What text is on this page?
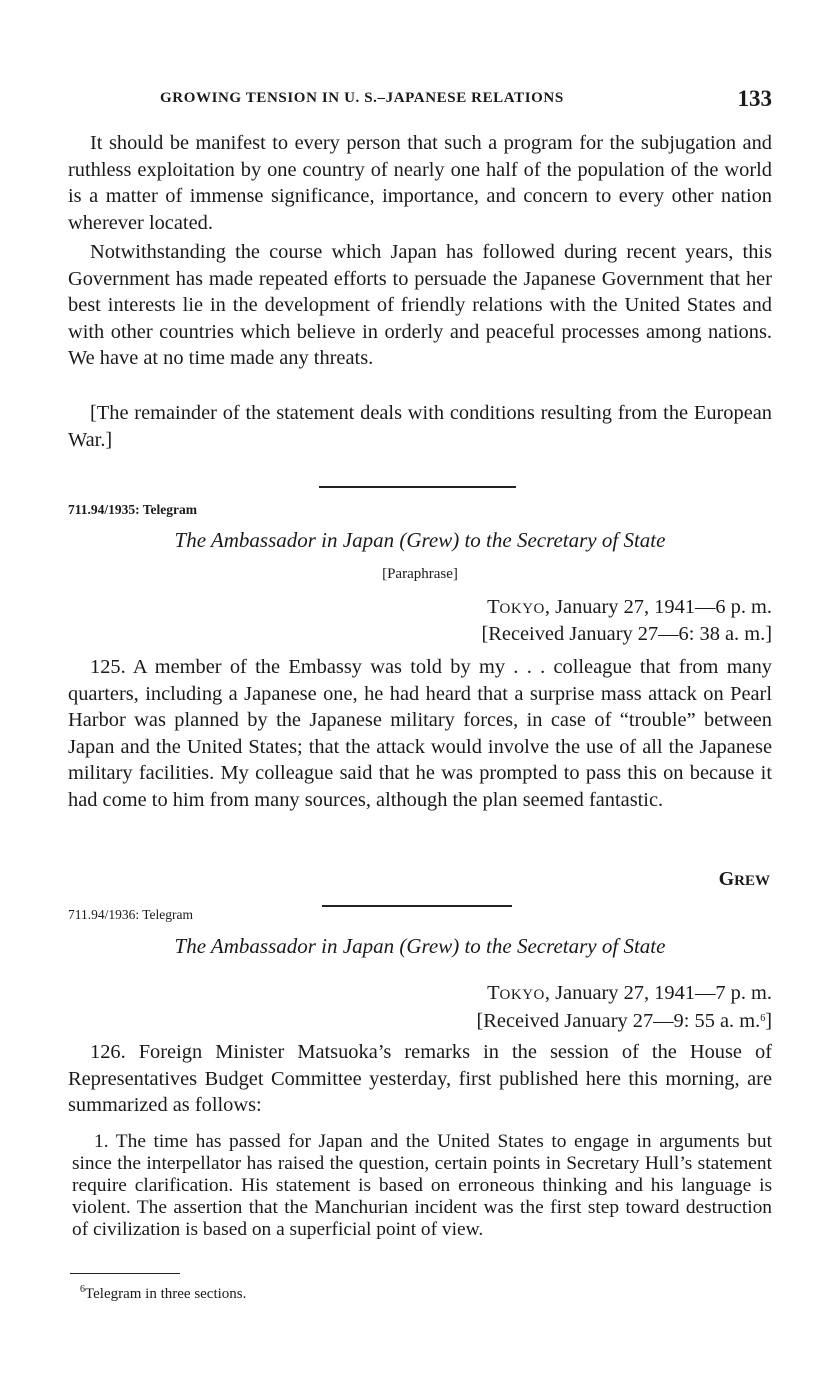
GROWING TENSION IN U. S.–JAPANESE RELATIONS	133

It should be manifest to every person that such a program for the subjugation and ruthless exploitation by one country of nearly one half of the population of the world is a matter of immense significance, importance, and concern to every other nation wherever located.

Notwithstanding the course which Japan has followed during recent years, this Government has made repeated efforts to persuade the Japanese Government that her best interests lie in the development of friendly relations with the United States and with other countries which believe in orderly and peaceful processes among nations. We have at no time made any threats.

[The remainder of the statement deals with conditions resulting from the European War.]

711.94/1935: Telegram
The Ambassador in Japan (Grew) to the Secretary of State
[Paraphrase]
TOKYO, January 27, 1941—6 p. m.
[Received January 27—6: 38 a. m.]

125. A member of the Embassy was told by my . . . colleague that from many quarters, including a Japanese one, he had heard that a surprise mass attack on Pearl Harbor was planned by the Japanese military forces, in case of “trouble” between Japan and the United States; that the attack would involve the use of all the Japanese military facilities. My colleague said that he was prompted to pass this on because it had come to him from many sources, although the plan seemed fantastic.

GREW
711.94/1936: Telegram
The Ambassador in Japan (Grew) to the Secretary of State
TOKYO, January 27, 1941—7 p. m.
[Received January 27—9: 55 a. m.$^6$]

126. Foreign Minister Matsuoka’s remarks in the session of the House of Representatives Budget Committee yesterday, first published here this morning, are summarized as follows:

1. The time has passed for Japan and the United States to engage in arguments but since the interpellator has raised the question, certain points in Secretary Hull’s statement require clarification. His statement is based on erroneous thinking and his language is violent. The assertion that the Manchurian incident was the first step toward destruction of civilization is based on a superficial point of view.

$^6$Telegram in three sections.
